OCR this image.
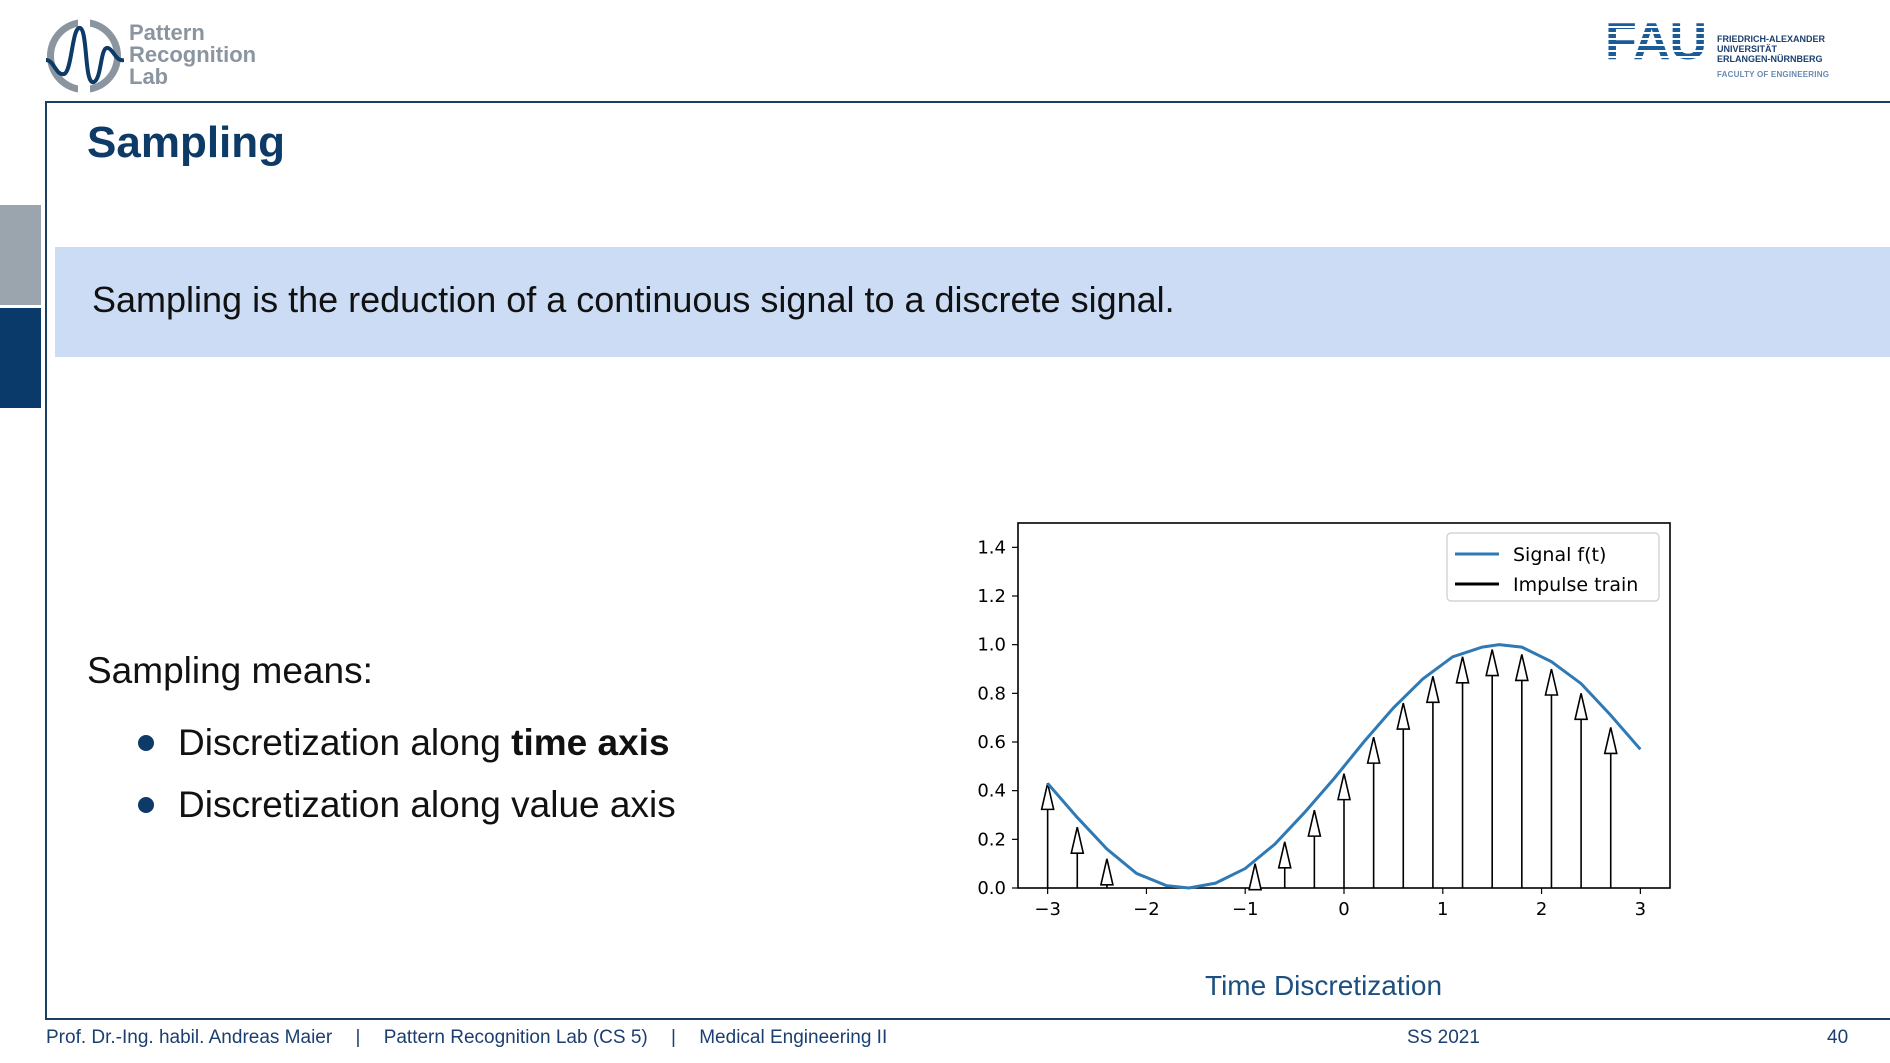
Pattern
Recognition
Lab
FAU FRIEDRICH-ALEXANDER
UNIVERSITÄT
ERLANGEN-NÜRNBERG
FACULTY OF ENGINEERING
Sampling
Sampling is the reduction of a continuous signal to a discrete signal.
Sampling means:
Discretization along time axis
Discretization along value axis
0.0
0.2
0.4
0.6
0.8
1.0
1.2
1.4
−3	−2	−1	0	1	2	3
Signal f(t)
Impulse train
Time Discretization
Prof. Dr.-Ing. habil. Andreas Maier | Pattern Recognition Lab (CS 5) | Medical Engineering II	SS 2021	40
